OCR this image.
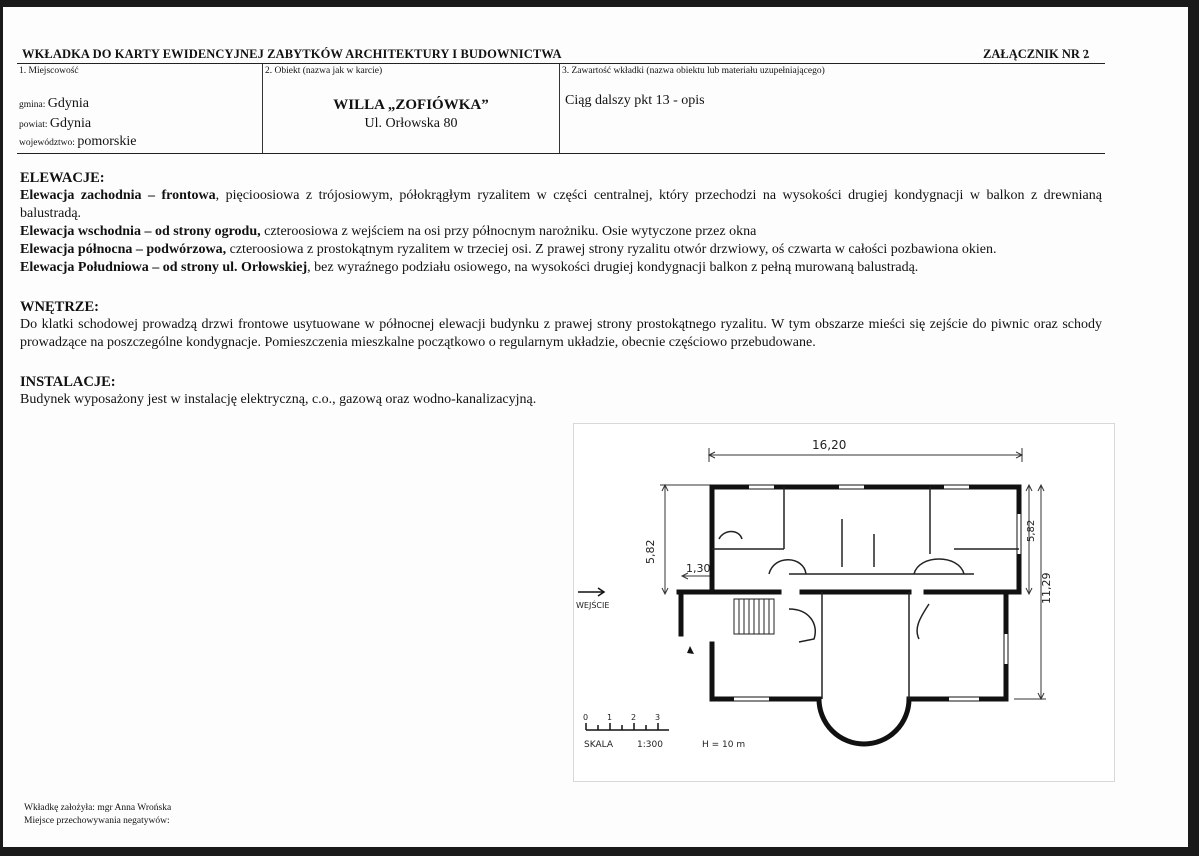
WKŁADKA DO KARTY EWIDENCYJNEJ ZABYTKÓW ARCHITEKTURY I BUDOWNICTWA	ZAŁĄCZNIK NR 2
1. Miejscowość
gmina: Gdynia
powiat: Gdynia
województwo: pomorskie
2. Obiekt (nazwa jak w karcie)
WILLA „ZOFIÓWKA”
Ul. Orłowska 80
3. Zawartość wkładki (nazwa obiektu lub materiału uzupełniającego)
Ciąg dalszy pkt 13 - opis

ELEWACJE:

Elewacja zachodnia – frontowa, pięcioosiowa z trójosiowym, półokrągłym ryzalitem w części centralnej, który przechodzi na wysokości drugiej kondygnacji w balkon z drewnianą balustradą.

Elewacja wschodnia – od strony ogrodu, czteroosiowa z wejściem na osi przy północnym narożniku. Osie wytyczone przez okna

Elewacja północna – podwórzowa, czteroosiowa z prostokątnym ryzalitem w trzeciej osi. Z prawej strony ryzalitu otwór drzwiowy, oś czwarta w całości pozbawiona okien.

Elewacja Południowa – od strony ul. Orłowskiej, bez wyraźnego podziału osiowego, na wysokości drugiej kondygnacji balkon z pełną murowaną balustradą.

WNĘTRZE:

Do klatki schodowej prowadzą drzwi frontowe usytuowane w północnej elewacji budynku z prawej strony prostokątnego ryzalitu. W tym obszarze mieści się zejście do piwnic oraz schody prowadzące na poszczególne kondygnacje. Pomieszczenia mieszkalne początkowo o regularnym układzie, obecnie częściowo przebudowane.

INSTALACJE:

Budynek wyposażony jest w instalację elektryczną, c.o., gazową oraz wodno-kanalizacyjną.

16,20
5,82
1,30
5,82
11,29
WEJŚCIE
0 1 2 3
SKALA	1:300	H = 10 m
Wkładkę założyła: mgr Anna Wrońska
Miejsce przechowywania negatywów:
